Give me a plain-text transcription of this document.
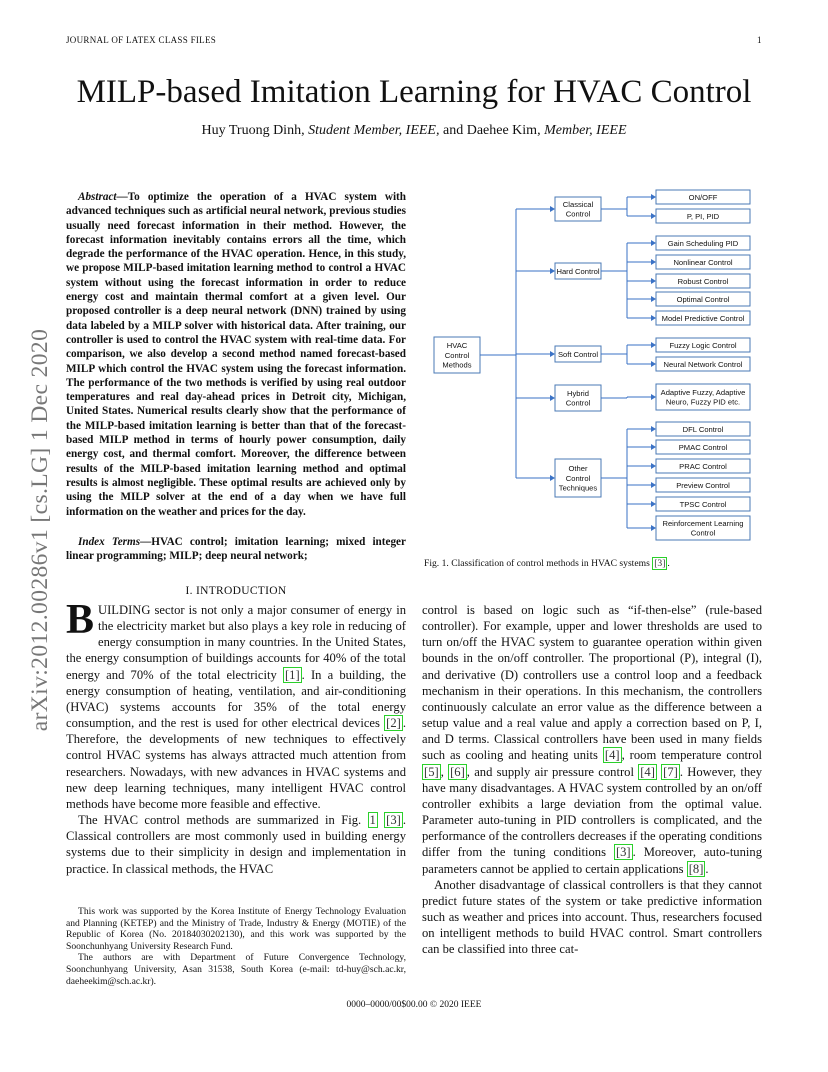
JOURNAL OF LATEX CLASS FILES	1
MILP-based Imitation Learning for HVAC Control
Huy Truong Dinh, Student Member, IEEE, and Daehee Kim, Member, IEEE
arXiv:2012.00286v1 [cs.LG] 1 Dec 2020
Abstract—To optimize the operation of a HVAC system with advanced techniques such as artificial neural network, previous studies usually need forecast information in their method. However, the forecast information inevitably contains errors all the time, which degrade the performance of the HVAC operation. Hence, in this study, we propose MILP-based imitation learning method to control a HVAC system without using the forecast information in order to reduce energy cost and maintain thermal comfort at a given level. Our proposed controller is a deep neural network (DNN) trained by using data labeled by a MILP solver with historical data. After training, our controller is used to control the HVAC system with real-time data. For comparison, we also develop a second method named forecast-based MILP which control the HVAC system using the forecast information. The performance of the two methods is verified by using real outdoor temperatures and real day-ahead prices in Detroit city, Michigan, United States. Numerical results clearly show that the performance of the MILP-based imitation learning is better than that of the forecast-based MILP method in terms of hourly power consumption, daily energy cost, and thermal comfort. Moreover, the difference between results of the MILP-based imitation learning method and optimal results is almost negligible. These optimal results are achieved only by using the MILP solver at the end of a day when we have full information on the weather and prices for the day.
Index Terms—HVAC control; imitation learning; mixed integer linear programming; MILP; deep neural network;
I. INTRODUCTION

BUILDING sector is not only a major consumer of energy in the electricity market but also plays a key role in reducing of energy consumption in many countries. In the United States, the energy consumption of buildings accounts for 40% of the total energy and 70% of the total electricity [1] . In a building, the energy consumption of heating, ventilation, and air-conditioning (HVAC) systems accounts for 35% of the total energy consumption, and the rest is used for other electrical devices [2] . Therefore, the developments of new techniques to effectively control HVAC systems has always attracted much attention from researchers. Nowadays, with new advances in HVAC systems and new deep learning techniques, many intelligent HVAC control methods have become more feasible and effective.

The HVAC control methods are summarized in Fig. 1 [3] . Classical controllers are most commonly used in building energy systems due to their simplicity in design and implementation in practice. In classical methods, the HVAC

This work was supported by the Korea Institute of Energy Technology Evaluation and Planning (KETEP) and the Ministry of Trade, Industry & Energy (MOTIE) of the Republic of Korea (No. 20184030202130), and this work was supported by the Soonchunhyang University Research Fund.

The authors are with Department of Future Convergence Technology, Soonchunhyang University, Asan 31538, South Korea (e-mail: td-huy@sch.ac.kr, daeheekim@sch.ac.kr).

control is based on logic such as “if-then-else” (rule-based controller). For example, upper and lower thresholds are used to turn on/off the HVAC system to guarantee operation within given bounds in the on/off controller. The proportional (P), integral (I), and derivative (D) controllers use a control loop and a feedback mechanism in their operations. In this mechanism, the controllers continuously calculate an error value as the difference between a setup value and a real value and apply a correction based on P, I, and D terms. Classical controllers have been used in many fields such as cooling and heating units [4] , room temperature control [5] , [6] , and supply air pressure control [4] [7] . However, they have many disadvantages. A HVAC system controlled by an on/off controller exhibits a large deviation from the optimal value. Parameter auto-tuning in PID controllers is complicated, and the performance of the controllers decreases if the operating conditions differ from the tuning conditions [3] . Moreover, auto-tuning parameters cannot be applied to certain applications [8] .

Another disadvantage of classical controllers is that they cannot predict future states of the system or take predictive information such as weather and prices into account. Thus, researchers focused on intelligent methods to build HVAC control. Smart controllers can be classified into three cat-

HVAC
Control
Methods
Classical
Control
ON/OFF
P, PI, PID
Hard Control
Gain Scheduling PID
Nonlinear Control
Robust Control
Optimal Control
Model Predictive Control
Soft Control
Fuzzy Logic Control
Neural Network Control
Hybrid
Control
Adaptive Fuzzy, Adaptive
Neuro, Fuzzy PID etc.
Other
Control
Techniques
DFL Control
PMAC Control
PRAC Control
Preview Control
TPSC Control
Reinforcement Learning
Control
Fig. 1. Classification of control methods in HVAC systems [3] .
0000–0000/00$00.00 © 2020 IEEE
